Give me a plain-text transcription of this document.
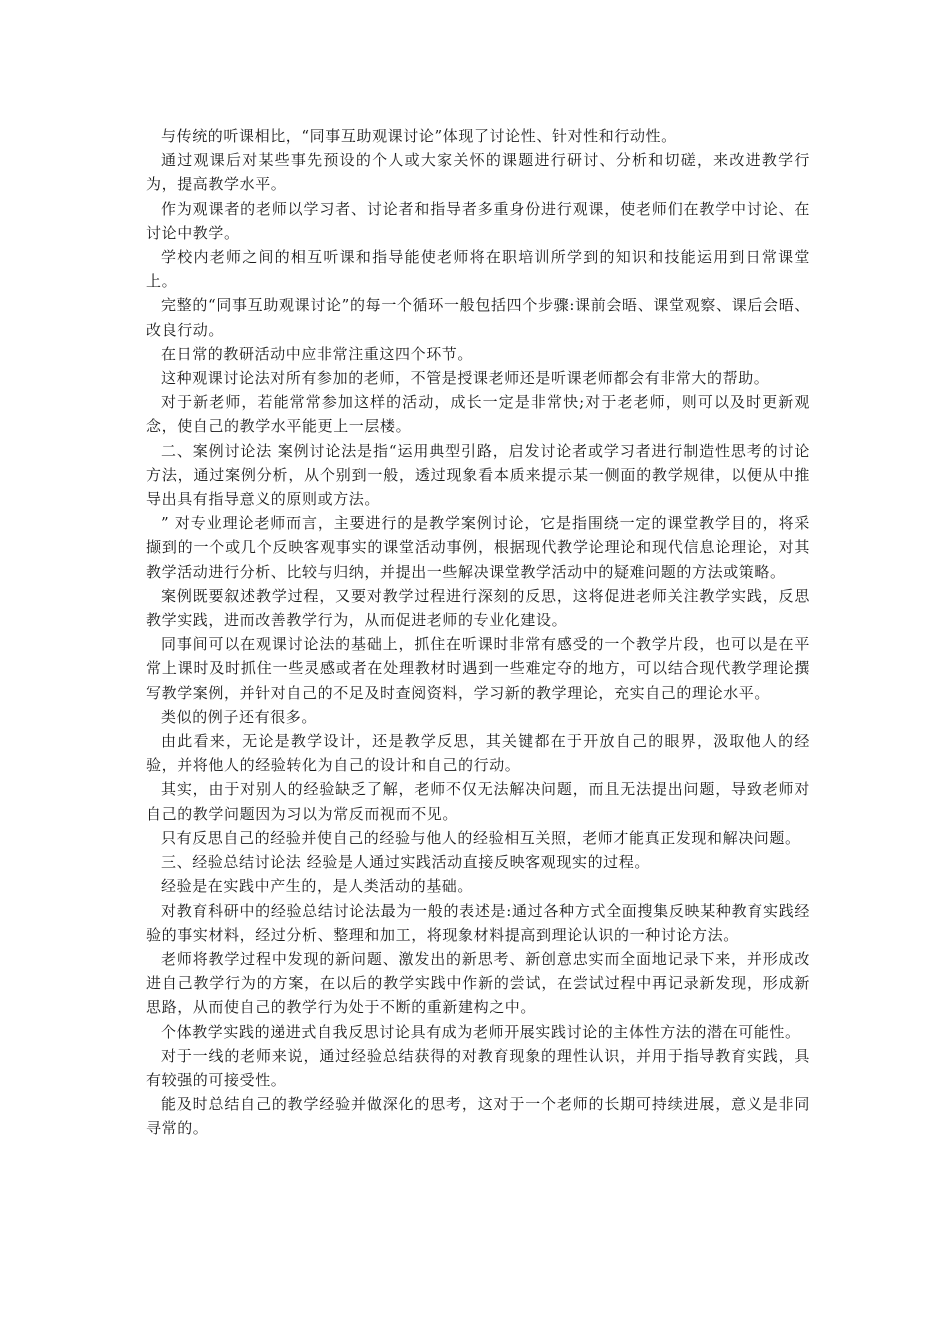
与传统的听课相比，“同事互助观课讨论”体现了讨论性、针对性和行动性。

通过观课后对某些事先预设的个人或大家关怀的课题进行研讨、分析和切磋，来改进教学行为，提高教学水平。

作为观课者的老师以学习者、讨论者和指导者多重身份进行观课，使老师们在教学中讨论、在讨论中教学。

学校内老师之间的相互听课和指导能使老师将在职培训所学到的知识和技能运用到日常课堂上。

完整的“同事互助观课讨论”的每一个循环一般包括四个步骤:课前会晤、课堂观察、课后会晤、改良行动。

在日常的教研活动中应非常注重这四个环节。

这种观课讨论法对所有参加的老师，不管是授课老师还是听课老师都会有非常大的帮助。

对于新老师，若能常常参加这样的活动，成长一定是非常快;对于老老师，则可以及时更新观念，使自己的教学水平能更上一层楼。

二、案例讨论法 案例讨论法是指“运用典型引路，启发讨论者或学习者进行制造性思考的讨论方法，通过案例分析，从个别到一般，透过现象看本质来提示某一侧面的教学规律，以便从中推导出具有指导意义的原则或方法。

” 对专业理论老师而言，主要进行的是教学案例讨论，它是指围绕一定的课堂教学目的，将采撷到的一个或几个反映客观事实的课堂活动事例，根据现代教学论理论和现代信息论理论，对其教学活动进行分析、比较与归纳，并提出一些解决课堂教学活动中的疑难问题的方法或策略。

案例既要叙述教学过程，又要对教学过程进行深刻的反思，这将促进老师关注教学实践，反思教学实践，进而改善教学行为，从而促进老师的专业化建设。

同事间可以在观课讨论法的基础上，抓住在听课时非常有感受的一个教学片段，也可以是在平常上课时及时抓住一些灵感或者在处理教材时遇到一些难定夺的地方，可以结合现代教学理论撰写教学案例，并针对自己的不足及时查阅资料，学习新的教学理论，充实自己的理论水平。

类似的例子还有很多。

由此看来，无论是教学设计，还是教学反思，其关键都在于开放自己的眼界，汲取他人的经验，并将他人的经验转化为自己的设计和自己的行动。

其实，由于对别人的经验缺乏了解，老师不仅无法解决问题，而且无法提出问题，导致老师对自己的教学问题因为习以为常反而视而不见。

只有反思自己的经验并使自己的经验与他人的经验相互关照，老师才能真正发现和解决问题。

三、经验总结讨论法 经验是人通过实践活动直接反映客观现实的过程。

经验是在实践中产生的，是人类活动的基础。

对教育科研中的经验总结讨论法最为一般的表述是:通过各种方式全面搜集反映某种教育实践经验的事实材料，经过分析、整理和加工，将现象材料提高到理论认识的一种讨论方法。

老师将教学过程中发现的新问题、激发出的新思考、新创意忠实而全面地记录下来，并形成改进自己教学行为的方案，在以后的教学实践中作新的尝试，在尝试过程中再记录新发现，形成新思路，从而使自己的教学行为处于不断的重新建构之中。

个体教学实践的递进式自我反思讨论具有成为老师开展实践讨论的主体性方法的潜在可能性。

对于一线的老师来说，通过经验总结获得的对教育现象的理性认识，并用于指导教育实践，具有较强的可接受性。

能及时总结自己的教学经验并做深化的思考，这对于一个老师的长期可持续进展，意义是非同寻常的。
